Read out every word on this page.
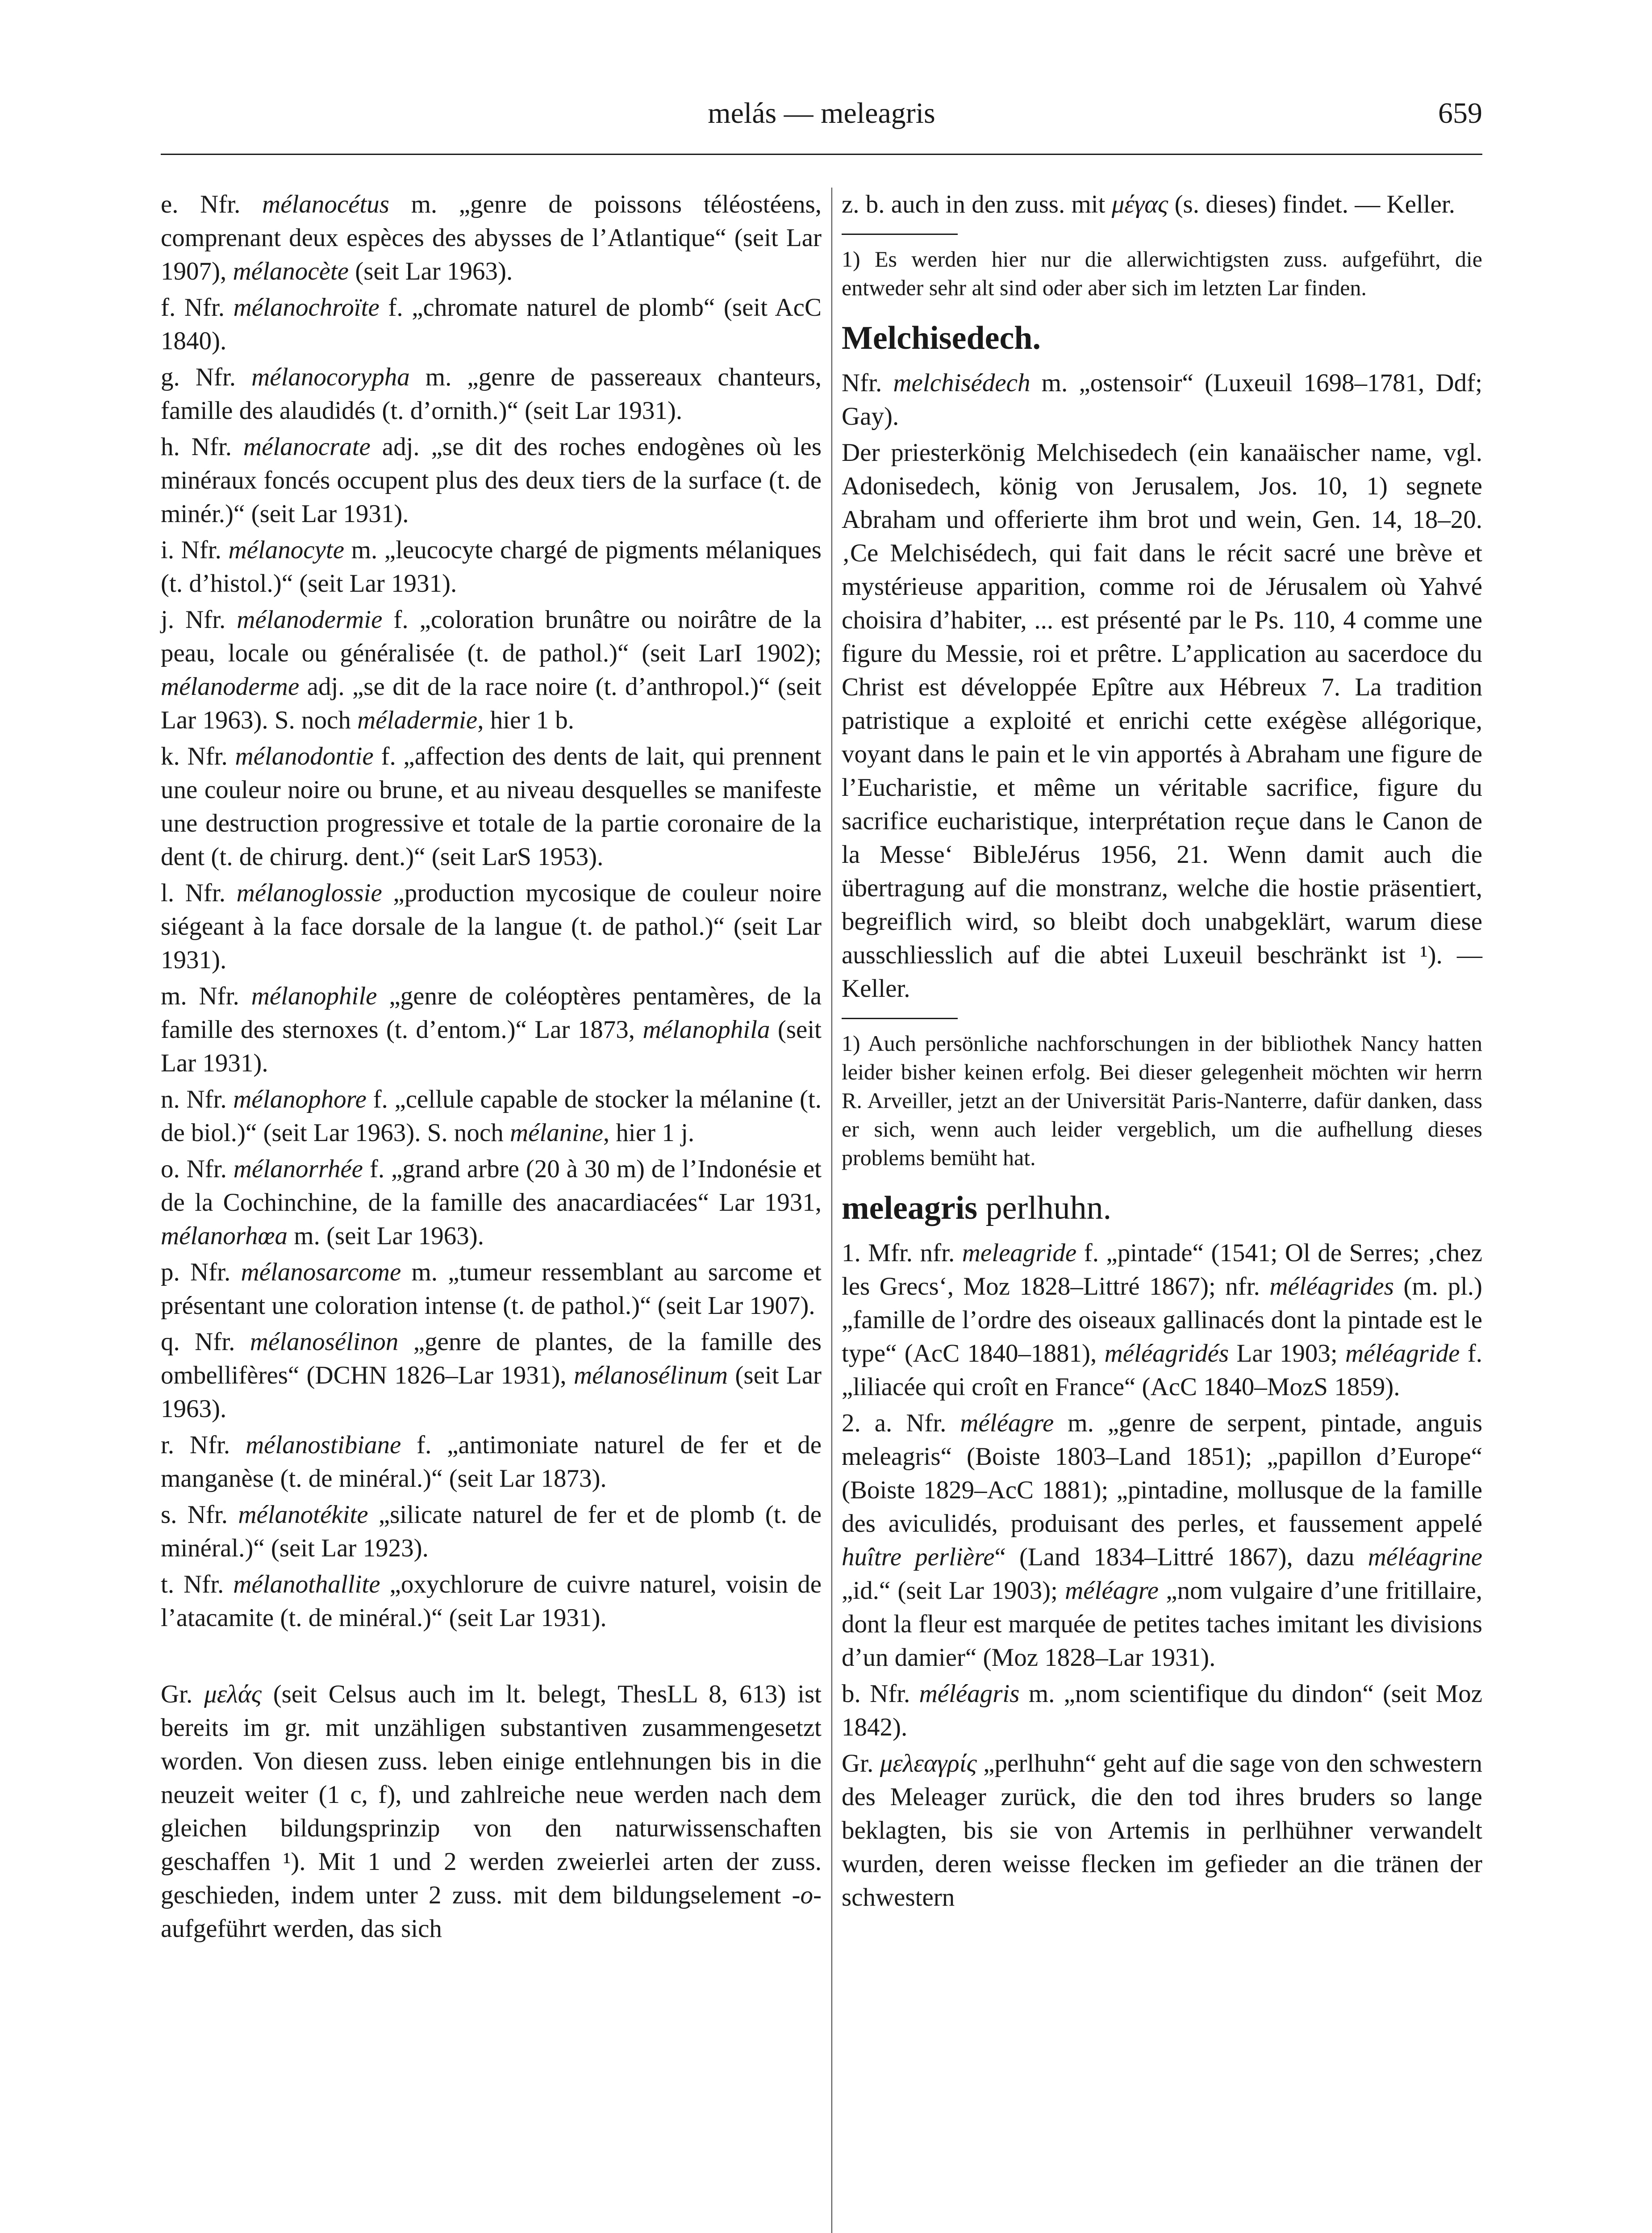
melás — meleagris	659

e. Nfr. mélanocétus m. „genre de poissons téléostéens, comprenant deux espèces des abysses de l’Atlantique“ (seit Lar 1907), mélanocète (seit Lar 1963).

f. Nfr. mélanochroïte f. „chromate naturel de plomb“ (seit AcC 1840).

g. Nfr. mélanocorypha m. „genre de passereaux chanteurs, famille des alaudidés (t. d’ornith.)“ (seit Lar 1931).

h. Nfr. mélanocrate adj. „se dit des roches endogènes où les minéraux foncés occupent plus des deux tiers de la surface (t. de minér.)“ (seit Lar 1931).

i. Nfr. mélanocyte m. „leucocyte chargé de pigments mélaniques (t. d’histol.)“ (seit Lar 1931).

j. Nfr. mélanodermie f. „coloration brunâtre ou noirâtre de la peau, locale ou généralisée (t. de pathol.)“ (seit LarI 1902); mélanoderme adj. „se dit de la race noire (t. d’anthropol.)“ (seit Lar 1963). S. noch méladermie, hier 1 b.

k. Nfr. mélanodontie f. „affection des dents de lait, qui prennent une couleur noire ou brune, et au niveau desquelles se manifeste une destruction progressive et totale de la partie coronaire de la dent (t. de chirurg. dent.)“ (seit LarS 1953).

l. Nfr. mélanoglossie „production mycosique de couleur noire siégeant à la face dorsale de la langue (t. de pathol.)“ (seit Lar 1931).

m. Nfr. mélanophile „genre de coléoptères pentamères, de la famille des sternoxes (t. d’entom.)“ Lar 1873, mélanophila (seit Lar 1931).

n. Nfr. mélanophore f. „cellule capable de stocker la mélanine (t. de biol.)“ (seit Lar 1963). S. noch mélanine, hier 1 j.

o. Nfr. mélanorrhée f. „grand arbre (20 à 30 m) de l’Indonésie et de la Cochinchine, de la famille des anacardiacées“ Lar 1931, mélanorhœa m. (seit Lar 1963).

p. Nfr. mélanosarcome m. „tumeur ressemblant au sarcome et présentant une coloration intense (t. de pathol.)“ (seit Lar 1907).

q. Nfr. mélanosélinon „genre de plantes, de la famille des ombellifères“ (DCHN 1826–Lar 1931), mélanosélinum (seit Lar 1963).

r. Nfr. mélanostibiane f. „antimoniate naturel de fer et de manganèse (t. de minéral.)“ (seit Lar 1873).

s. Nfr. mélanotékite „silicate naturel de fer et de plomb (t. de minéral.)“ (seit Lar 1923).

t. Nfr. mélanothallite „oxychlorure de cuivre naturel, voisin de l’atacamite (t. de minéral.)“ (seit Lar 1931).

Gr. μελάς (seit Celsus auch im lt. belegt, ThesLL 8, 613) ist bereits im gr. mit unzähligen substantiven zusammengesetzt worden. Von diesen zuss. leben einige entlehnungen bis in die neuzeit weiter (1 c, f), und zahlreiche neue werden nach dem gleichen bildungsprinzip von den naturwissenschaften geschaffen ¹). Mit 1 und 2 werden zweierlei arten der zuss. geschieden, indem unter 2 zuss. mit dem bildungselement -o- aufgeführt werden, das sich

z. b. auch in den zuss. mit μέγας (s. dieses) findet. — Keller.

1) Es werden hier nur die allerwichtigsten zuss. aufgeführt, die entweder sehr alt sind oder aber sich im letzten Lar finden.

Melchisedech.

Nfr. melchisédech m. „ostensoir“ (Luxeuil 1698–1781, Ddf; Gay).

Der priesterkönig Melchisedech (ein kanaäischer name, vgl. Adonisedech, könig von Jerusalem, Jos. 10, 1) segnete Abraham und offerierte ihm brot und wein, Gen. 14, 18–20. ‚Ce Melchisédech, qui fait dans le récit sacré une brève et mystérieuse apparition, comme roi de Jérusalem où Yahvé choisira d’habiter, ... est présenté par le Ps. 110, 4 comme une figure du Messie, roi et prêtre. L’application au sacerdoce du Christ est développée Epître aux Hébreux 7. La tradition patristique a exploité et enrichi cette exégèse allégorique, voyant dans le pain et le vin apportés à Abraham une figure de l’Eucharistie, et même un véritable sacrifice, figure du sacrifice eucharistique, interprétation reçue dans le Canon de la Messe‘ BibleJérus 1956, 21. Wenn damit auch die übertragung auf die monstranz, welche die hostie präsentiert, begreiflich wird, so bleibt doch unabgeklärt, warum diese ausschliesslich auf die abtei Luxeuil beschränkt ist ¹). — Keller.

1) Auch persönliche nachforschungen in der bibliothek Nancy hatten leider bisher keinen erfolg. Bei dieser gelegenheit möchten wir herrn R. Arveiller, jetzt an der Universität Paris-Nanterre, dafür danken, dass er sich, wenn auch leider vergeblich, um die aufhellung dieses problems bemüht hat.

meleagris perlhuhn.

1. Mfr. nfr. meleagride f. „pintade“ (1541; Ol de Serres; ‚chez les Grecs‘, Moz 1828–Littré 1867); nfr. méléagrides (m. pl.) „famille de l’ordre des oiseaux gallinacés dont la pintade est le type“ (AcC 1840–1881), méléagridés Lar 1903; méléagride f. „liliacée qui croît en France“ (AcC 1840–MozS 1859).

2. a. Nfr. méléagre m. „genre de serpent, pintade, anguis meleagris“ (Boiste 1803–Land 1851); „papillon d’Europe“ (Boiste 1829–AcC 1881); „pintadine, mollusque de la famille des aviculidés, produisant des perles, et faussement appelé huître perlière“ (Land 1834–Littré 1867), dazu méléagrine „id.“ (seit Lar 1903); méléagre „nom vulgaire d’une fritillaire, dont la fleur est marquée de petites taches imitant les divisions d’un damier“ (Moz 1828–Lar 1931).

b. Nfr. méléagris m. „nom scientifique du dindon“ (seit Moz 1842).

Gr. μελεαγρίς „perlhuhn“ geht auf die sage von den schwestern des Meleager zurück, die den tod ihres bruders so lange beklagten, bis sie von Artemis in perlhühner verwandelt wurden, deren weisse flecken im gefieder an die tränen der schwestern
